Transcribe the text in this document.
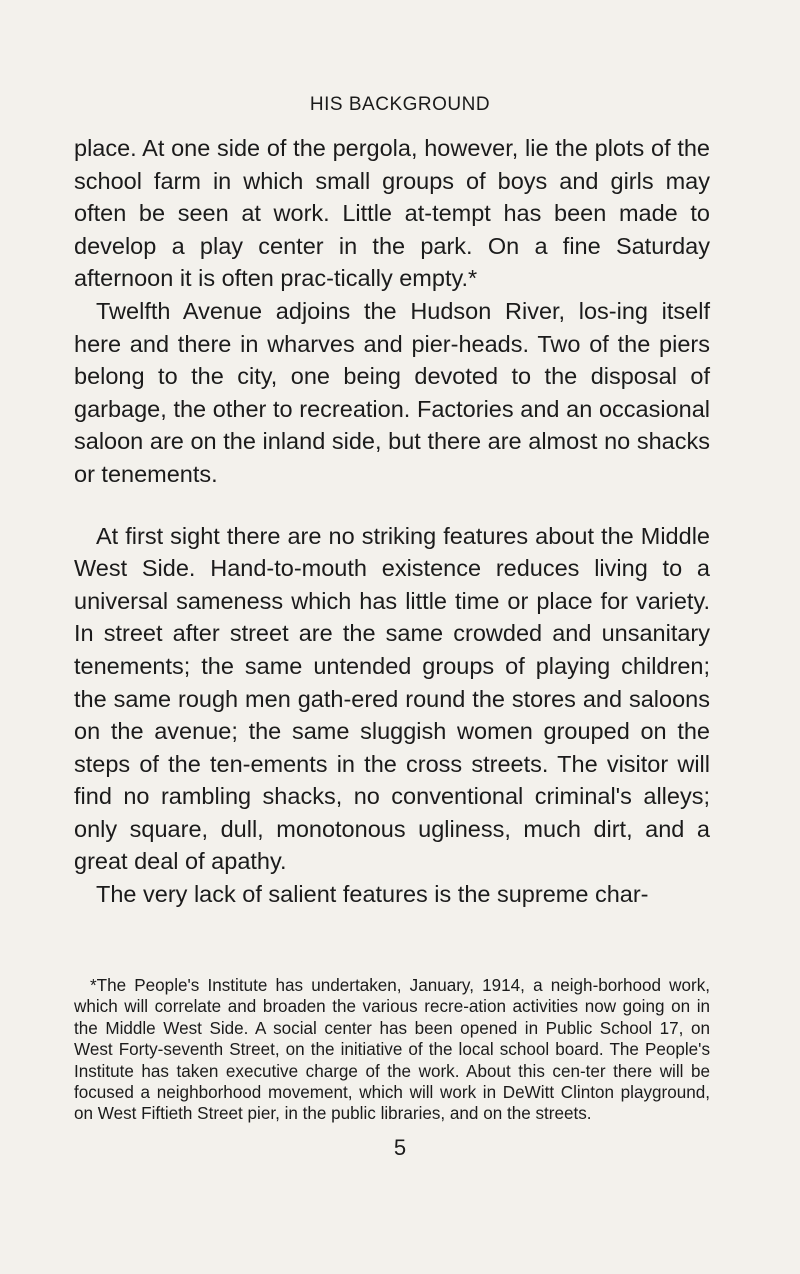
HIS BACKGROUND

place. At one side of the pergola, however, lie the plots of the school farm in which small groups of boys and girls may often be seen at work. Little at-tempt has been made to develop a play center in the park. On a fine Saturday afternoon it is often prac-tically empty.*

Twelfth Avenue adjoins the Hudson River, los-ing itself here and there in wharves and pier-heads. Two of the piers belong to the city, one being devoted to the disposal of garbage, the other to recreation. Factories and an occasional saloon are on the inland side, but there are almost no shacks or tenements.

At first sight there are no striking features about the Middle West Side. Hand-to-mouth existence reduces living to a universal sameness which has little time or place for variety. In street after street are the same crowded and unsanitary tenements; the same untended groups of playing children; the same rough men gath-ered round the stores and saloons on the avenue; the same sluggish women grouped on the steps of the ten-ements in the cross streets. The visitor will find no rambling shacks, no conventional criminal's alleys; only square, dull, monotonous ugliness, much dirt, and a great deal of apathy.

The very lack of salient features is the supreme char-

*The People's Institute has undertaken, January, 1914, a neigh-borhood work, which will correlate and broaden the various recre-ation activities now going on in the Middle West Side. A social center has been opened in Public School 17, on West Forty-seventh Street, on the initiative of the local school board. The People's Institute has taken executive charge of the work. About this cen-ter there will be focused a neighborhood movement, which will work in DeWitt Clinton playground, on West Fiftieth Street pier, in the public libraries, and on the streets.
5
